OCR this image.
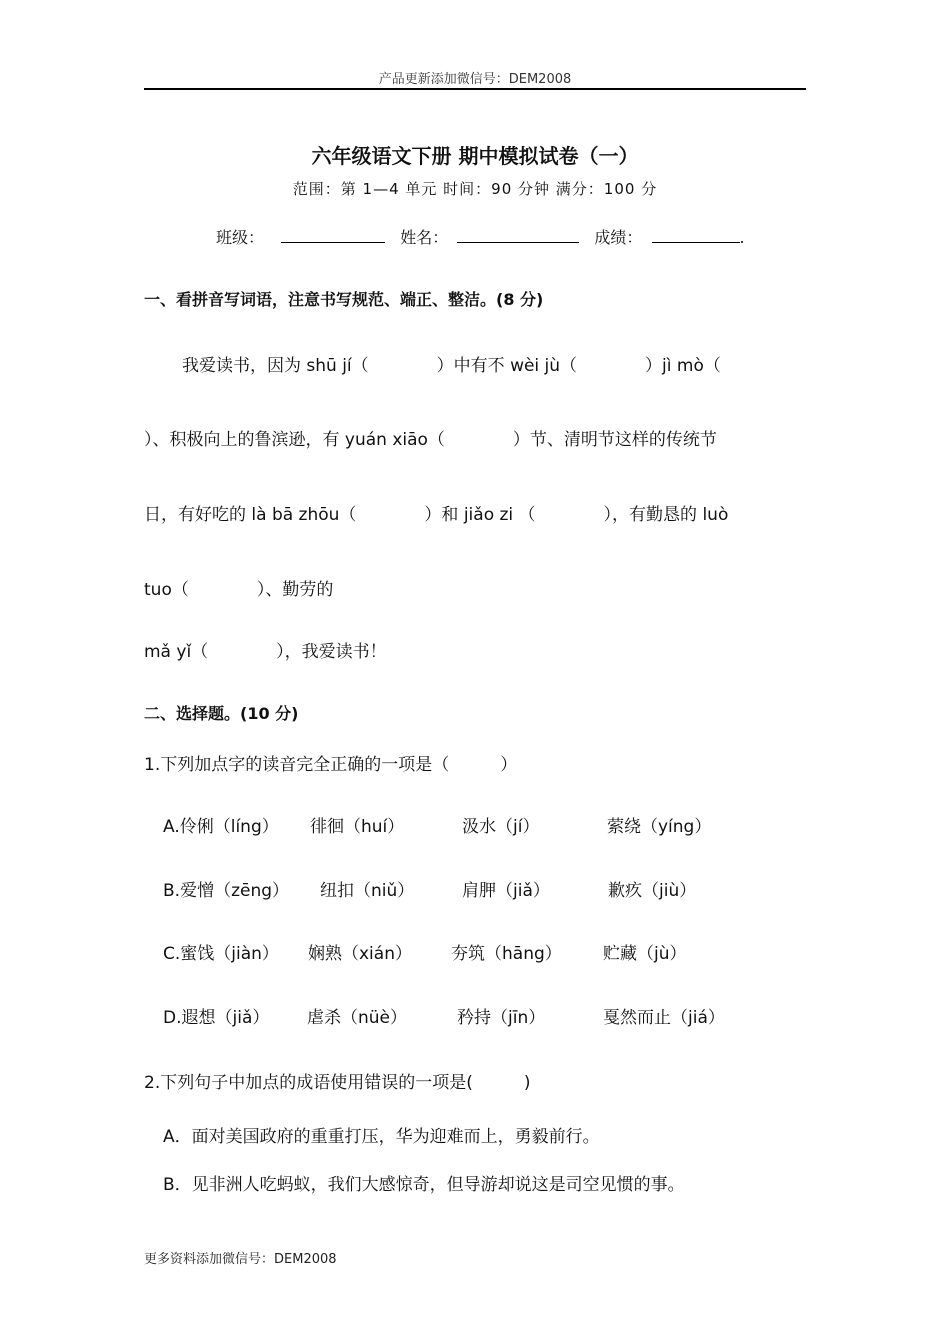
产品更新添加微信号：DEM2008
六年级语文下册 期中模拟试卷（一）
范围：第 1—4 单元 时间：90 分钟 满分：100 分
班级：	姓名：	成绩：	.
一、看拼音写词语，注意书写规范、端正、整洁。(8 分)
我爱读书，因为 shū jí（　　　　）中有不 wèi jù（　　　　）jì mò（
）、积极向上的鲁滨逊，有 yuán xiāo（　　　　）节、清明节这样的传统节
日，有好吃的 là bā zhōu（　　　　）和 jiǎo zi （　　　　），有勤恳的 luò
tuo（　　　　）、勤劳的
mǎ yǐ（　　　　），我爱读书！
二、选择题。(10 分)
1.下列加点字的读音完全正确的一项是（　　　）
A.伶俐（líng） 徘徊（huí）	汲水（jí）	萦绕（yíng）
B.爱憎（zēng） 纽扣（niǔ）	肩胛（jiǎ）	歉疚（jiù）
C.蜜饯（jiàn） 娴熟（xián） 夯筑（hāng） 贮藏（jù）
D.遐想（jiǎ） 虐杀（nüè）	矜持（jīn）	戛然而止（jiá）
2.下列句子中加点的成语使用错误的一项是(　　　)
A．面对美国政府的重重打压，华为迎难而上，勇毅前行。
B．见非洲人吃蚂蚁，我们大感惊奇，但导游却说这是司空见惯的事。
更多资料添加微信号：DEM2008
